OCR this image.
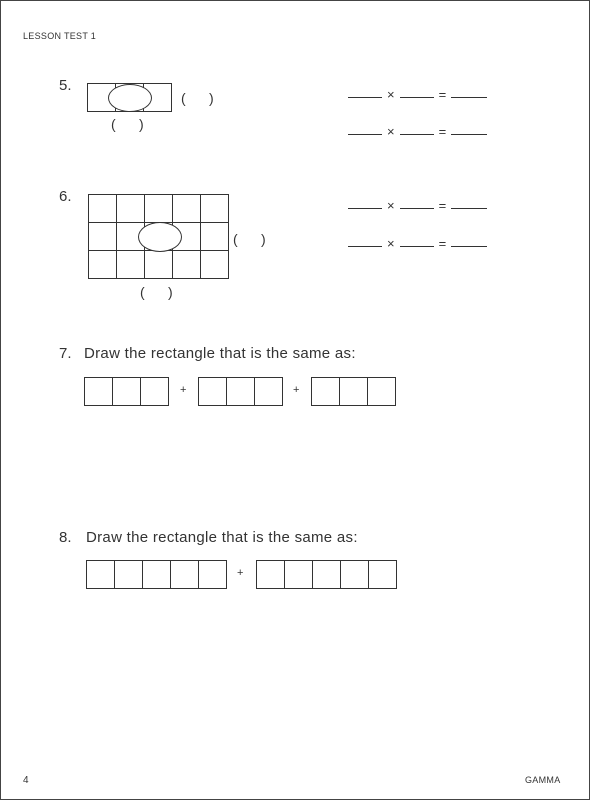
LESSON TEST 1
5.
(      )
(      )
×	=
×	=
6.
(      )
(      )
×	=
×	=
7. Draw the rectangle that is the same as:
+	+
8. Draw the rectangle that is the same as:
+
4	GAMMA
